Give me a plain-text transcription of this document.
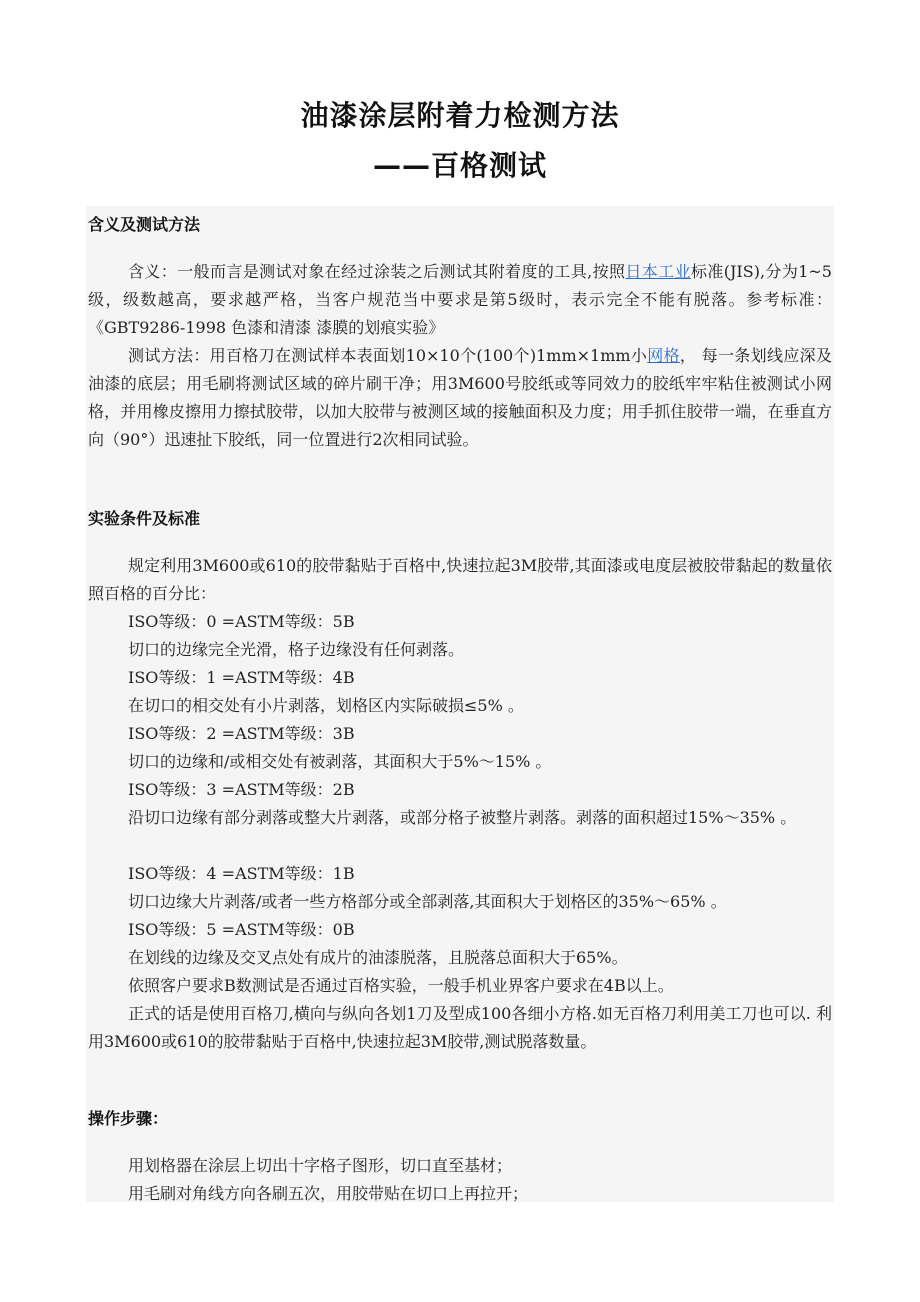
油漆涂层附着力检测方法
——百格测试
含义及测试方法

含义：一般而言是测试对象在经过涂装之后测试其附着度的工具,按照日本工业标准(JIS),分为1~5级，级数越高，要求越严格，当客户规范当中要求是第5级时，表示完全不能有脱落。参考标准：《GBT9286-1998 色漆和清漆 漆膜的划痕实验》

测试方法：用百格刀在测试样本表面划10×10个(100个)1mm×1mm小网格， 每一条划线应深及油漆的底层；用毛刷将测试区域的碎片刷干净；用3M600号胶纸或等同效力的胶纸牢牢粘住被测试小网格，并用橡皮擦用力擦拭胶带，以加大胶带与被测区域的接触面积及力度；用手抓住胶带一端，在垂直方向（90°）迅速扯下胶纸，同一位置进行2次相同试验。

实验条件及标准

规定利用3M600或610的胶带黏贴于百格中,快速拉起3M胶带,其面漆或电度层被胶带黏起的数量依照百格的百分比：

ISO等级：0 =ASTM等级：5B
切口的边缘完全光滑，格子边缘没有任何剥落。
ISO等级：1 =ASTM等级：4B
在切口的相交处有小片剥落，划格区内实际破损≤5% 。
ISO等级：2 =ASTM等级：3B
切口的边缘和/或相交处有被剥落，其面积大于5%～15% 。
ISO等级：3 =ASTM等级：2B

沿切口边缘有部分剥落或整大片剥落，或部分格子被整片剥落。剥落的面积超过15%～35% 。

ISO等级：4 =ASTM等级：1B
切口边缘大片剥落/或者一些方格部分或全部剥落,其面积大于划格区的35%～65% 。
ISO等级：5 =ASTM等级：0B
在划线的边缘及交叉点处有成片的油漆脱落，且脱落总面积大于65%。
依照客户要求B数测试是否通过百格实验，一般手机业界客户要求在4B以上。

正式的话是使用百格刀,横向与纵向各划1刀及型成100各细小方格.如无百格刀利用美工刀也可以. 利用3M600或610的胶带黏贴于百格中,快速拉起3M胶带,测试脱落数量。

操作步骤：
用划格器在涂层上切出十字格子图形，切口直至基材；
用毛刷对角线方向各刷五次，用胶带贴在切口上再拉开；
